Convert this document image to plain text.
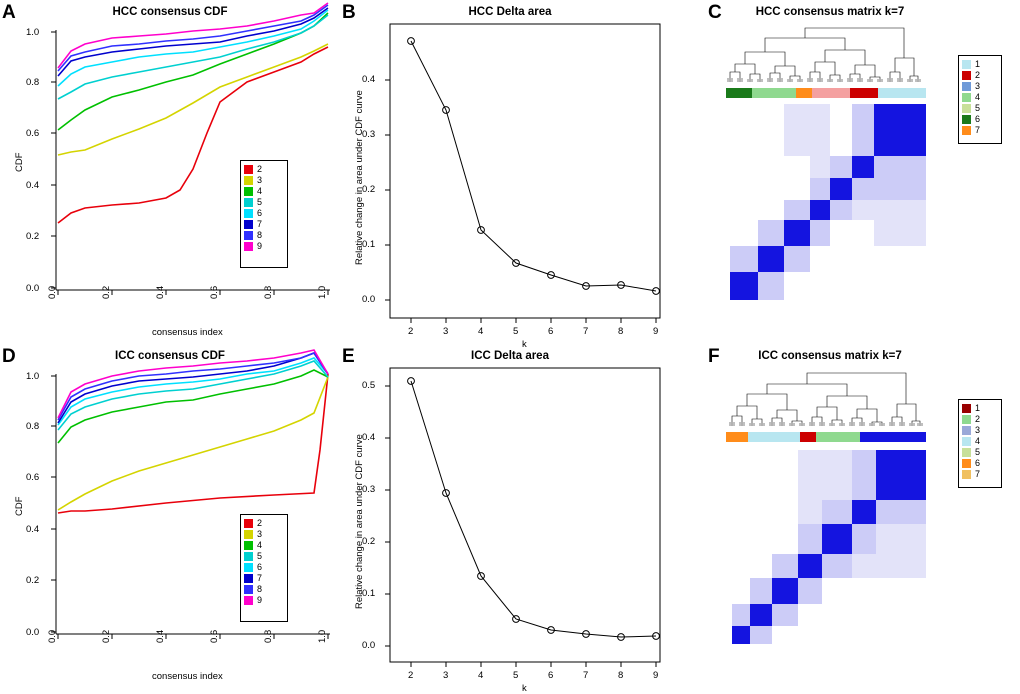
A	HCC consensus CDF
0.0	0.2	0.4	0.6	0.8	1.0
0.0
0.2
0.4
0.6
0.8
1.0
consensus index
CDF	2
3
4
5
6
7
8
9
B	HCC Delta area
2	3	4	5	6	7	8	9
0.0
0.1
0.2
0.3
0.4
k
Relative change in area under CDF curve
C	HCC consensus matrix k=7
1
2
3
4
5
6
7
D	ICC consensus CDF
0.0	0.2	0.4	0.6	0.8	1.0
0.0
0.2
0.4
0.6
0.8
1.0
consensus index
CDF
2
3
4
5
6
7
8
9
E	ICC Delta area
2	3	4	5	6	7	8	9
0.0
0.1
0.2
0.3
0.4
0.5
k
Relative change in area under CDF curve
F	ICC consensus matrix k=7
1
2
3
4
5
6
7
